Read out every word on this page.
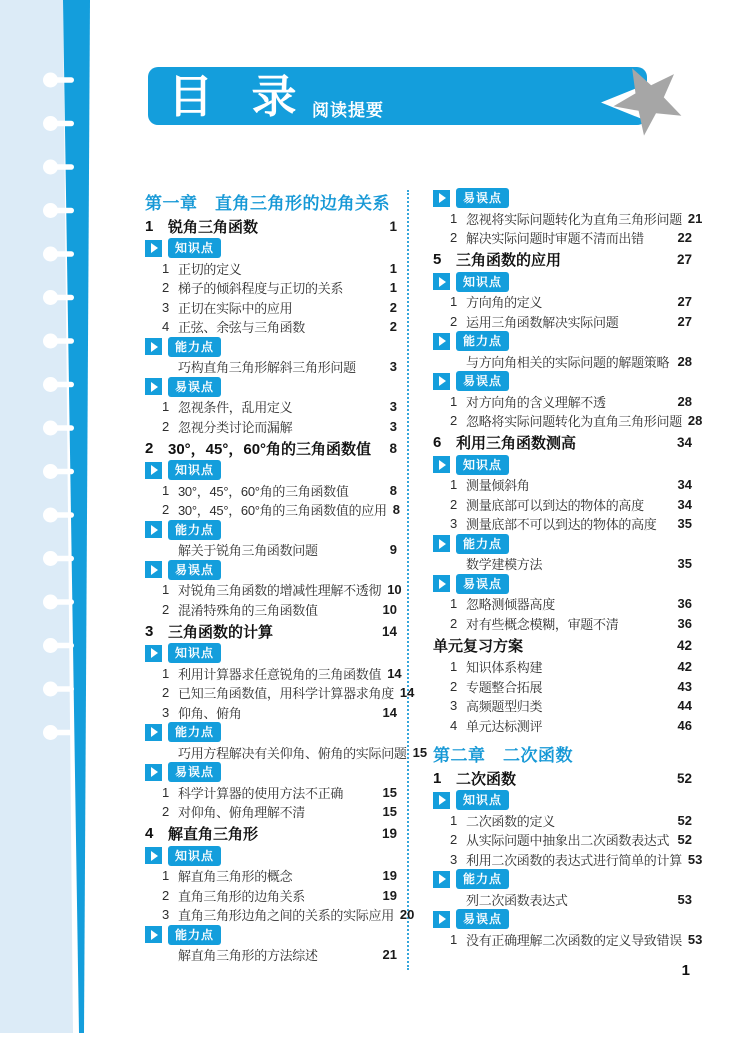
目 录 阅读提要
第一章　直角三角形的边角关系
1 锐角三角函数	1
知识点
1 正切的定义	1
2 梯子的倾斜程度与正切的关系	1
3 正切在实际中的应用	2
4 正弦、余弦与三角函数	2
能力点
巧构直角三角形解斜三角形问题	3
易误点
1 忽视条件，乱用定义	3
2 忽视分类讨论而漏解	3
2 30°，45°，60°角的三角函数值	8
知识点
1 30°，45°，60°角的三角函数值	8
2 30°，45°，60°角的三角函数值的应用 8
能力点
解关于锐角三角函数问题	9
易误点
1 对锐角三角函数的增减性理解不透彻 10
2 混淆特殊角的三角函数值	10
3 三角函数的计算	14
知识点
1 利用计算器求任意锐角的三角函数值 14
2 已知三角函数值，用科学计算器求角度 14
3 仰角、俯角	14
能力点
巧用方程解决有关仰角、俯角的实际问题 15
易误点
1 科学计算器的使用方法不正确	15
2 对仰角、俯角理解不清	15
4 解直角三角形	19
知识点
1 解直角三角形的概念	19
2 直角三角形的边角关系	19
3 直角三角形边角之间的关系的实际应用 20
能力点
解直角三角形的方法综述	21
易误点
1 忽视将实际问题转化为直角三角形问题 21
2 解决实际问题时审题不清而出错	22
5 三角函数的应用	27
知识点
1 方向角的定义	27
2 运用三角函数解决实际问题	27
能力点
与方向角相关的实际问题的解题策略 28
易误点
1 对方向角的含义理解不透	28
2 忽略将实际问题转化为直角三角形问题 28
6 利用三角函数测高	34
知识点
1 测量倾斜角	34
2 测量底部可以到达的物体的高度	34
3 测量底部不可以到达的物体的高度	35
能力点
数学建模方法	35
易误点
1 忽略测倾器高度	36
2 对有些概念模糊，审题不清	36
单元复习方案	42
1 知识体系构建	42
2 专题整合拓展	43
3 高频题型归类	44
4 单元达标测评	46
第二章　二次函数
1 二次函数	52
知识点
1 二次函数的定义	52
2 从实际问题中抽象出二次函数表达式 52
3 利用二次函数的表达式进行简单的计算 53
能力点
列二次函数表达式	53
易误点
1 没有正确理解二次函数的定义导致错误 53
1
